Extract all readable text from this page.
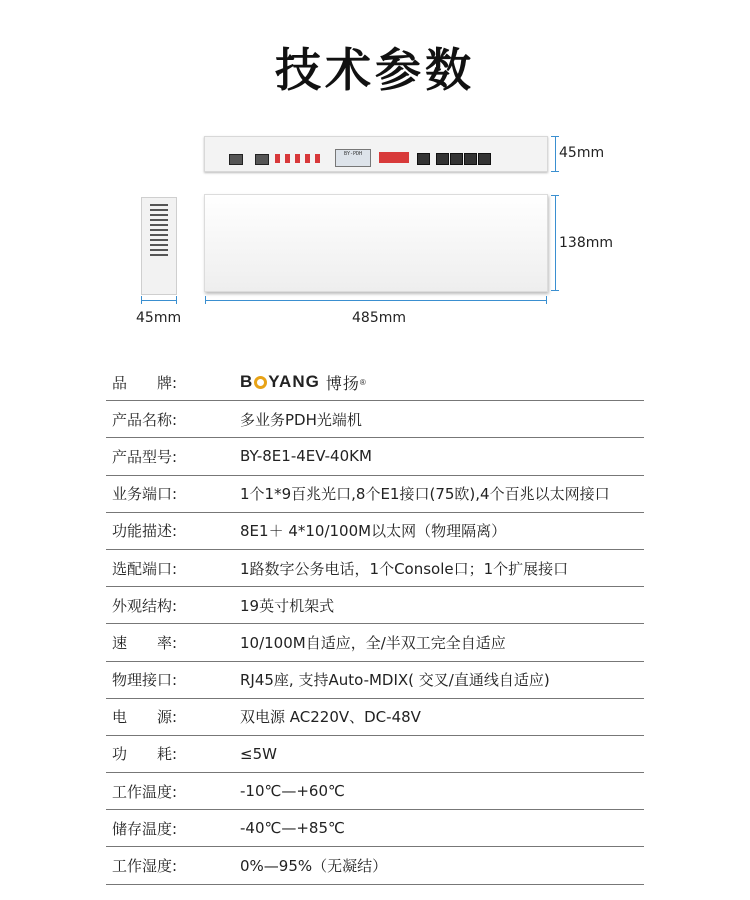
技术参数
BY-PDH	45mm
138mm
45mm	485mm
品　　牌:	B YANG 博扬 ®
产品名称:	多业务PDH光端机
产品型号:	BY-8E1-4EV-40KM
业务端口:	1个1*9百兆光口,8个E1接口(75欧),4个百兆以太网接口
功能描述:	8E1＋ 4*10/100M以太网（物理隔离）
选配端口:	1路数字公务电话，1个Console口；1个扩展接口
外观结构:	19英寸机架式
速　　率:	10/100M自适应，全/半双工完全自适应
物理接口:	RJ45座, 支持Auto-MDIX( 交叉/直通线自适应)
电　　源:	双电源 AC220V、DC-48V
功　　耗:	≤5W
工作温度:	-10℃—+60℃
储存温度:	-40℃—+85℃
工作湿度:	0%—95%（无凝结）
